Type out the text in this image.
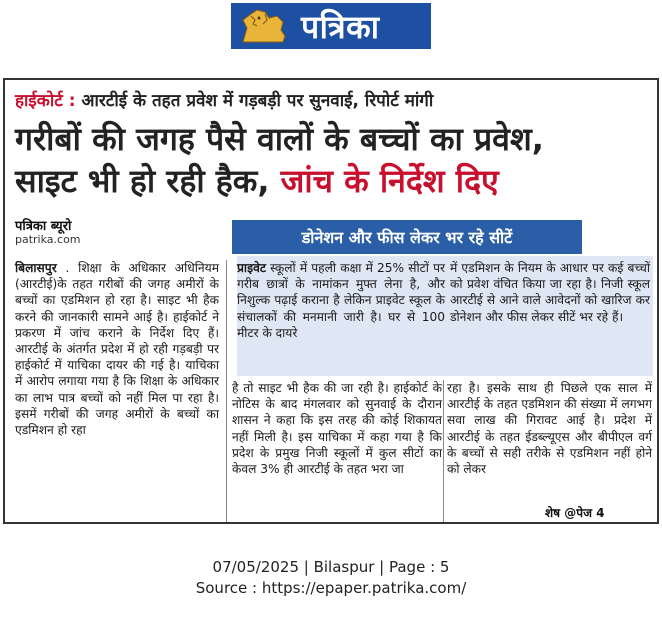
पत्रिका
हाईकोर्ट : आरटीई के तहत प्रवेश में गड़बड़ी पर सुनवाई, रिपोर्ट मांगी
गरीबों की जगह पैसे वालों के बच्चों का प्रवेश,
साइट भी हो रही हैक, जांच के निर्देश दिए
पत्रिका ब्यूरो
patrika.com	डोनेशन और फीस लेकर भर रहे सीटें
बिलासपुर . शिक्षा के अधिकार अधिनियम (आरटीई)के तहत गरीबों की जगह अमीरों के बच्चों का एडमिशन हो रहा है। साइट भी हैक करने की जानकारी सामने आई है। हाईकोर्ट ने प्रकरण में जांच कराने के निर्देश दिए हैं। आरटीई के अंतर्गत प्रदेश में हो रही गड़बड़ी पर हाईकोर्ट में याचिका दायर की गई है। याचिका में आरोप लगाया गया है कि शिक्षा के अधिकार का लाभ पात्र बच्चों को नहीं मिल पा रहा है। इसमें गरीबों की जगह अमीरों के बच्चों का एडमिशन हो रहा
प्राइवेट स्कूलों में पहली कक्षा में 25% सीटों पर गरीब छात्रों के नामांकन मुफ्त लेना है, और निशुल्क पढ़ाई कराना है लेकिन प्राइवेट स्कूल के संचालकों की मनमानी जारी है। घर से 100 मीटर के दायरे
में एडमिशन के नियम के आधार पर कई बच्चों को प्रवेश वंचित किया जा रहा है। निजी स्कूल आरटीई से आने वाले आवेदनों को खारिज कर डोनेशन और फीस लेकर सीटें भर रहे हैं।
है तो साइट भी हैक की जा रही है। हाईकोर्ट के नोटिस के बाद मंगलवार को सुनवाई के दौरान शासन ने कहा कि इस तरह की कोई शिकायत नहीं मिली है। इस याचिका में कहा गया है कि प्रदेश के प्रमुख निजी स्कूलों में कुल सीटों का केवल 3% ही आरटीई के तहत भरा जा
रहा है। इसके साथ ही पिछले एक साल में आरटीई के तहत एडमिशन की संख्या में लगभग सवा लाख की गिरावट आई है। प्रदेश में आरटीई के तहत ईडब्ल्यूएस और बीपीएल वर्ग के बच्चों से सही तरीके से एडमिशन नहीं होने को लेकर
शेष @पेज 4
07/05/2025 | Bilaspur | Page : 5
Source : https://epaper.patrika.com/
